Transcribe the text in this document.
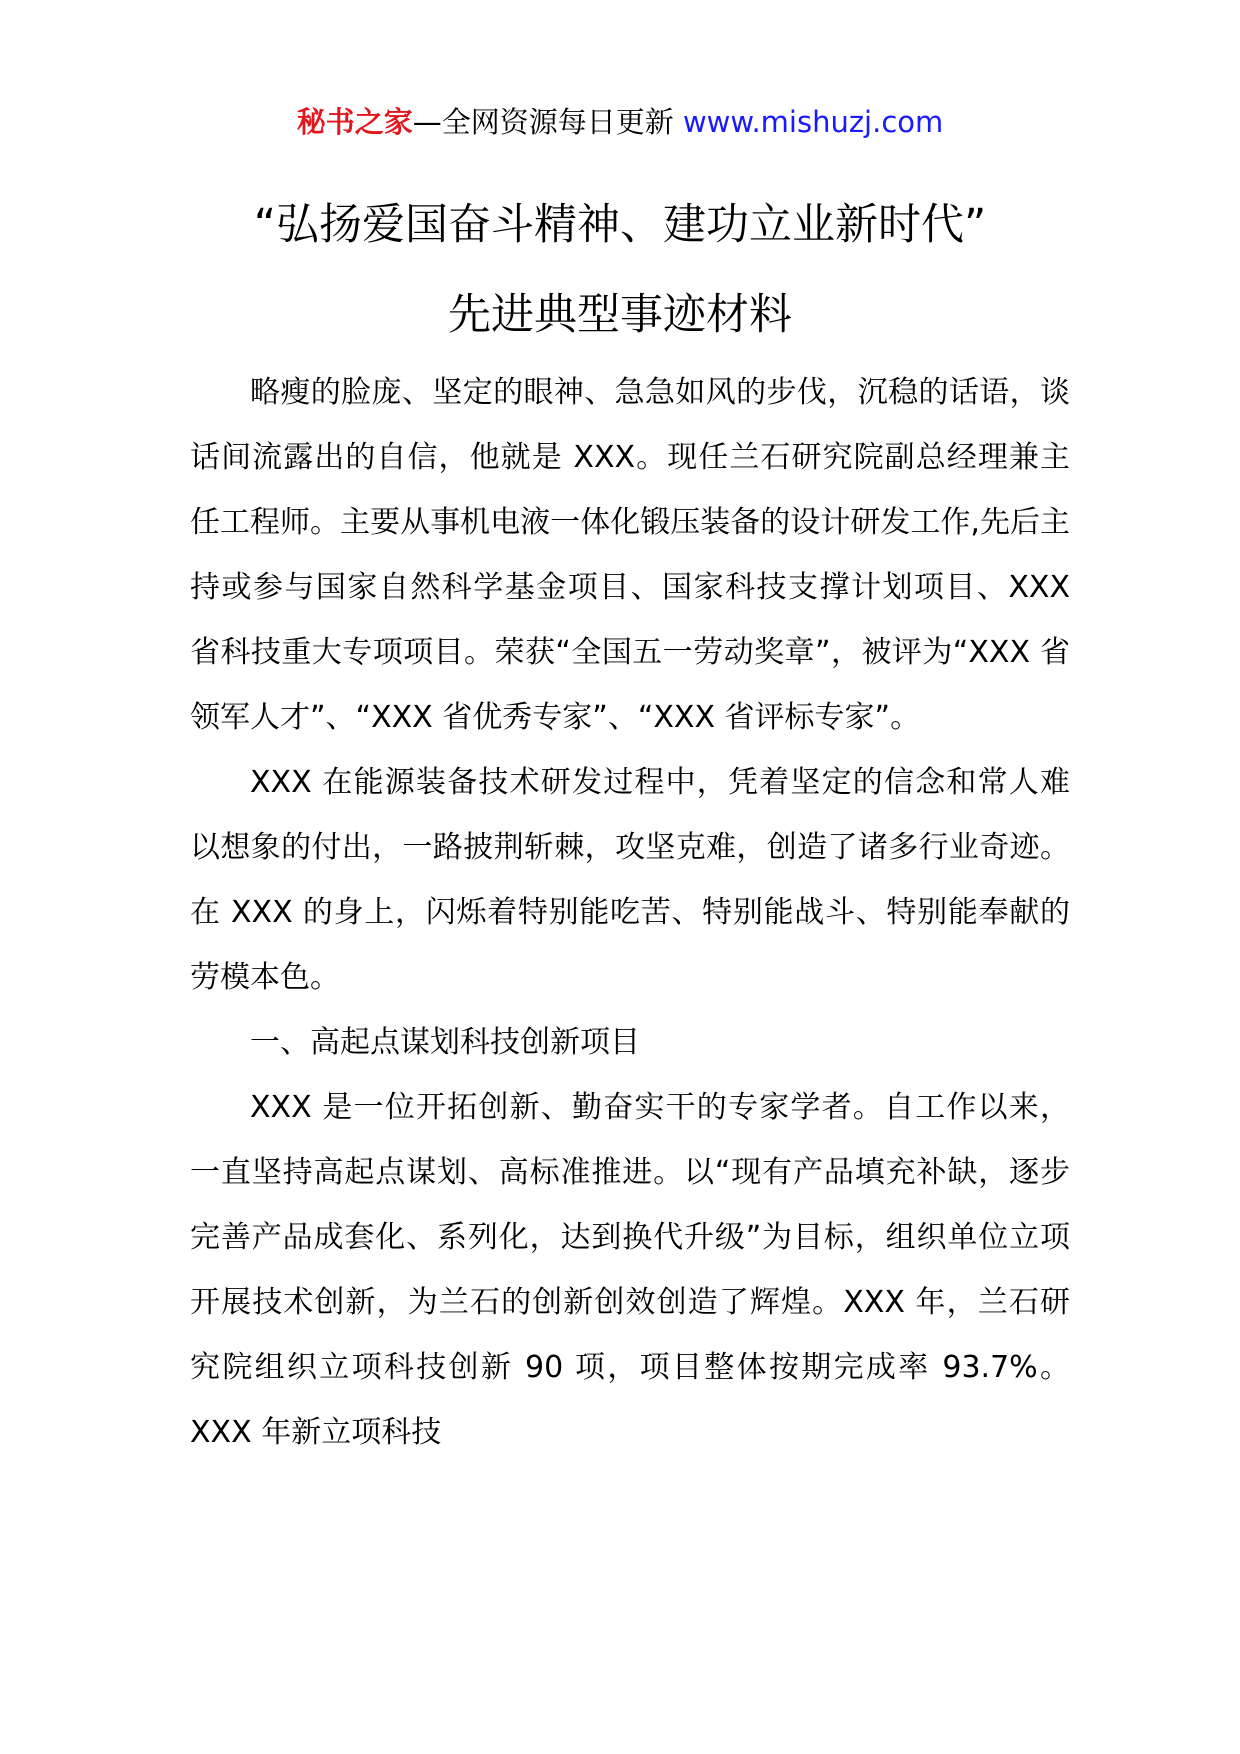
秘书之家—全网资源每日更新 www.mishuzj.com
“弘扬爱国奋斗精神、建功立业新时代”
先进典型事迹材料

略瘦的脸庞、坚定的眼神、急急如风的步伐，沉稳的话语，谈话间流露出的自信，他就是 XXX。现任兰石研究院副总经理兼主任工程师。主要从事机电液一体化锻压装备的设计研发工作,先后主持或参与国家自然科学基金项目、国家科技支撑计划项目、XXX 省科技重大专项项目。荣获“全国五一劳动奖章”，被评为“XXX 省领军人才”、“XXX 省优秀专家”、“XXX 省评标专家”。

XXX 在能源装备技术研发过程中，凭着坚定的信念和常人难以想象的付出，一路披荆斩棘，攻坚克难，创造了诸多行业奇迹。在 XXX 的身上，闪烁着特别能吃苦、特别能战斗、特别能奉献的劳模本色。

一、高起点谋划科技创新项目

XXX 是一位开拓创新、勤奋实干的专家学者。自工作以来，一直坚持高起点谋划、高标准推进。以“现有产品填充补缺，逐步完善产品成套化、系列化，达到换代升级”为目标，组织单位立项开展技术创新，为兰石的创新创效创造了辉煌。XXX 年，兰石研究院组织立项科技创新 90 项，项目整体按期完成率 93.7%。XXX 年新立项科技
